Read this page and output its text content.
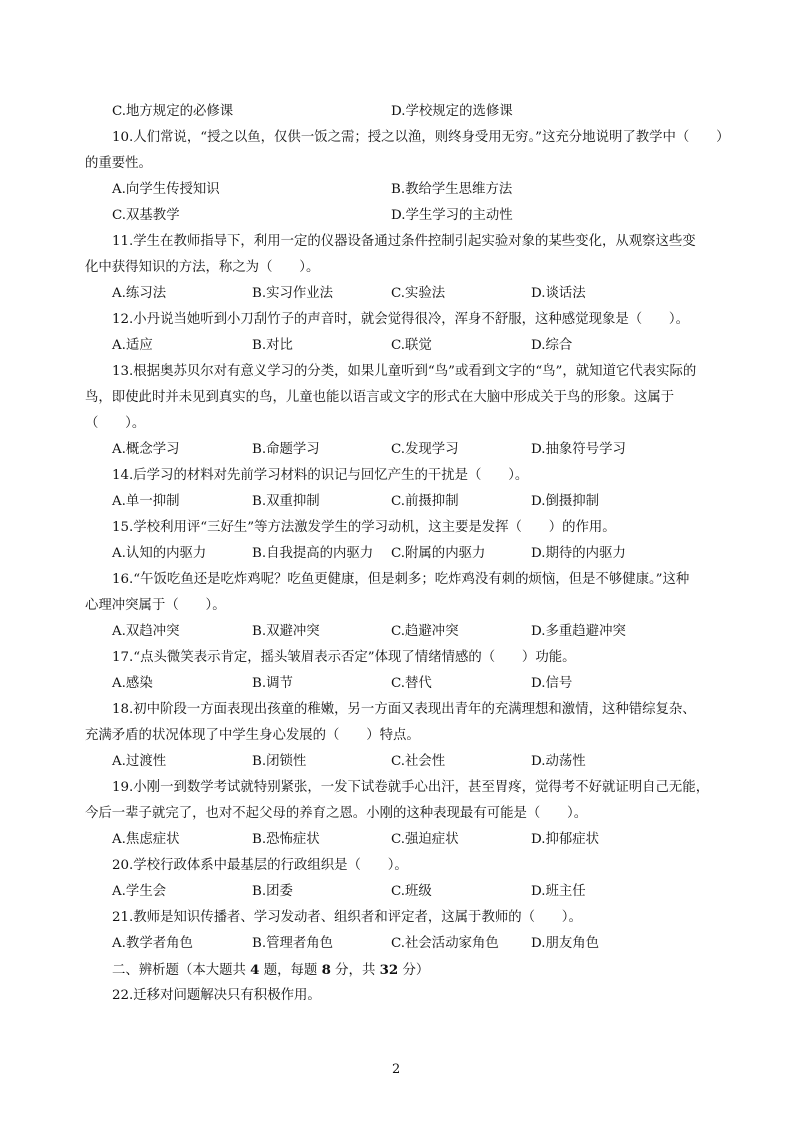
C.地方规定的必修课	D.学校规定的选修课
10.人们常说，“授之以鱼，仅供一饭之需；授之以渔，则终身受用无穷。”这充分地说明了教学中（　　）
的重要性。
A.向学生传授知识	B.教给学生思维方法
C.双基教学	D.学生学习的主动性
11.学生在教师指导下，利用一定的仪器设备通过条件控制引起实验对象的某些变化，从观察这些变
化中获得知识的方法，称之为（　　）。
A.练习法	B.实习作业法	C.实验法	D.谈话法
12.小丹说当她听到小刀刮竹子的声音时，就会觉得很冷，浑身不舒服，这种感觉现象是（　　）。
A.适应	B.对比	C.联觉	D.综合
13.根据奥苏贝尔对有意义学习的分类，如果儿童听到“鸟”或看到文字的“鸟”，就知道它代表实际的
鸟，即使此时并未见到真实的鸟，儿童也能以语言或文字的形式在大脑中形成关于鸟的形象。这属于
（　　）。
A.概念学习	B.命题学习	C.发现学习	D.抽象符号学习
14.后学习的材料对先前学习材料的识记与回忆产生的干扰是（　　）。
A.单一抑制	B.双重抑制	C.前摄抑制	D.倒摄抑制
15.学校利用评“三好生”等方法激发学生的学习动机，这主要是发挥（　　）的作用。
A.认知的内驱力	B.自我提高的内驱力 C.附属的内驱力	D.期待的内驱力
16.“午饭吃鱼还是吃炸鸡呢？吃鱼更健康，但是刺多；吃炸鸡没有刺的烦恼，但是不够健康。”这种
心理冲突属于（　　）。
A.双趋冲突	B.双避冲突	C.趋避冲突	D.多重趋避冲突
17.“点头微笑表示肯定，摇头皱眉表示否定”体现了情绪情感的（　　）功能。
A.感染	B.调节	C.替代	D.信号
18.初中阶段一方面表现出孩童的稚嫩，另一方面又表现出青年的充满理想和激情，这种错综复杂、
充满矛盾的状况体现了中学生身心发展的（　　）特点。
A.过渡性	B.闭锁性	C.社会性	D.动荡性
19.小刚一到数学考试就特别紧张，一发下试卷就手心出汗，甚至胃疼，觉得考不好就证明自己无能，
今后一辈子就完了，也对不起父母的养育之恩。小刚的这种表现最有可能是（　　）。
A.焦虑症状	B.恐怖症状	C.强迫症状	D.抑郁症状
20.学校行政体系中最基层的行政组织是（　　）。
A.学生会	B.团委	C.班级	D.班主任
21.教师是知识传播者、学习发动者、组织者和评定者，这属于教师的（　　）。
A.教学者角色	B.管理者角色	C.社会活动家角色 D.朋友角色
二、辨析题（本大题共 4 题，每题 8 分，共 32 分）
22.迁移对问题解决只有积极作用。
2
